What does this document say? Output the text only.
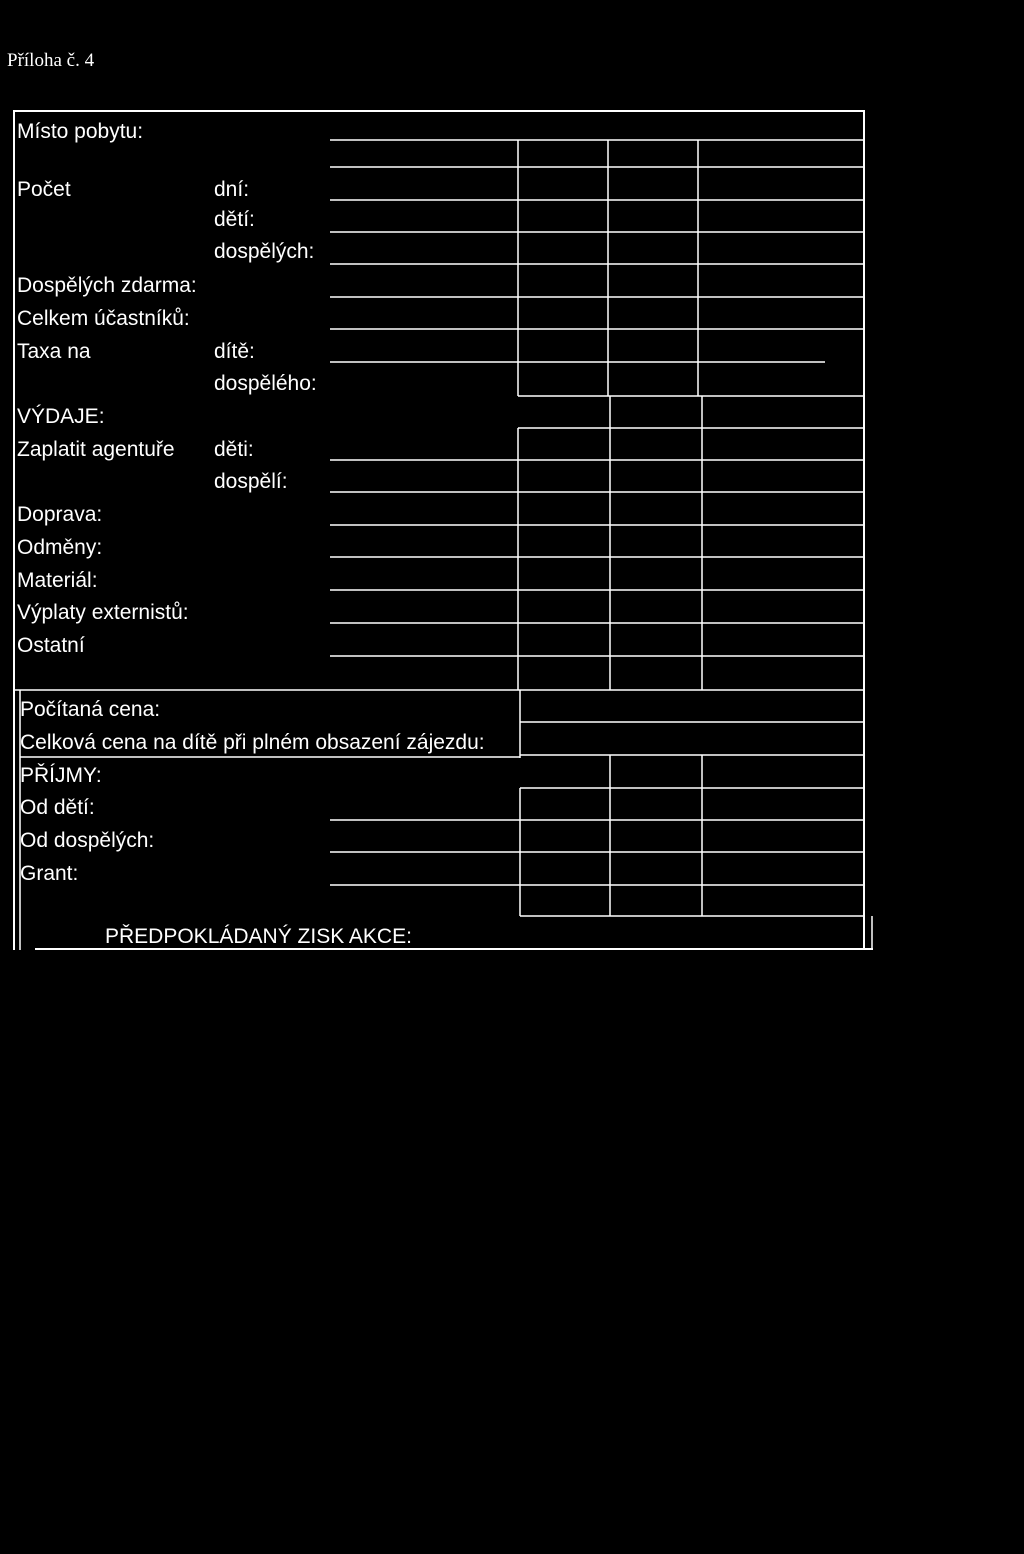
Příloha č. 4
Místo pobytu:
Počet	dní:
dětí:
dospělých:
Dospělých zdarma:
Celkem účastníků:
Taxa na	dítě:
dospělého:
VÝDAJE:
Zaplatit agentuře děti:
dospělí:
Doprava:
Odměny:
Materiál:
Výplaty externistů:
Ostatní
Počítaná cena:
Celková cena na dítě při plném obsazení zájezdu:
PŘÍJMY:
Od dětí:
Od dospělých:
Grant:
PŘEDPOKLÁDANÝ ZISK AKCE:
